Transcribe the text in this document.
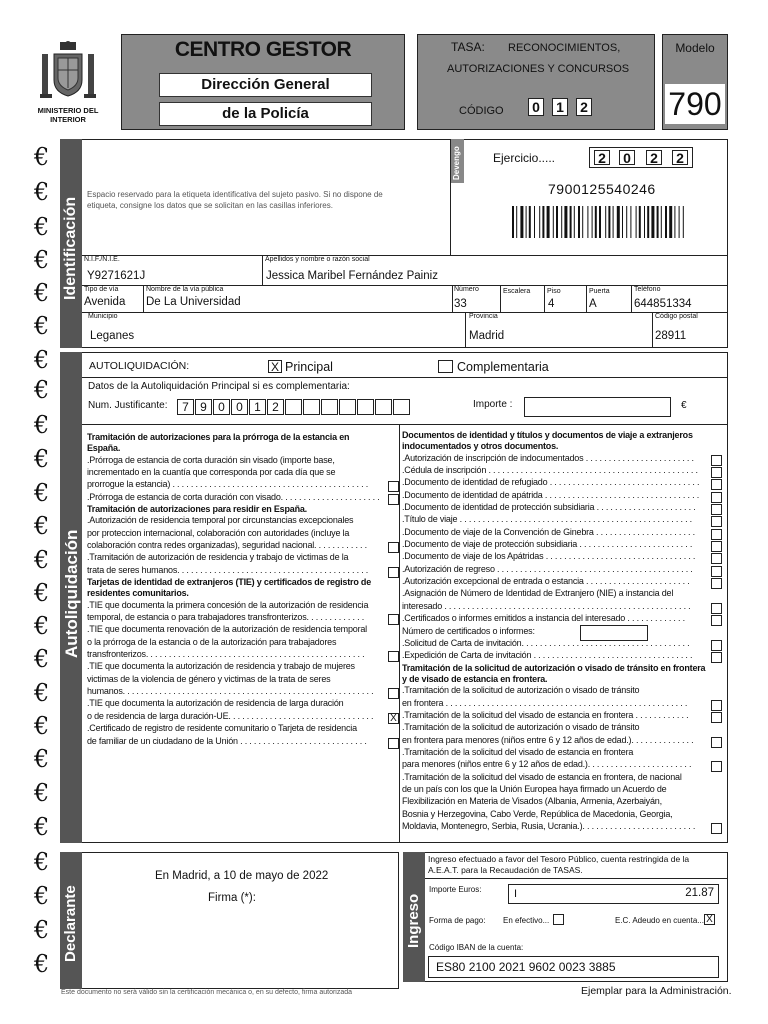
MINISTERIO DEL INTERIOR
CENTRO GESTOR
Dirección General
de la Policía
TASA: RECONOCIMIENTOS,
AUTORIZACIONES Y CONCURSOS
CÓDIGO 0 1 2
Modelo
790
€
€
€
€
€
€
€
€
€
€
€
€
€
€
€
€
€
€
€
€
€
€
€
€
€
Identificación
Devengo	Ejercicio.....	2 0 2 2
7900125540246
Espacio reservado para la etiqueta identificativa del sujeto pasivo. Si no dispone de
etiqueta, consigne los datos que se solicitan en las casillas inferiores.
N.I.F./N.I.E.
Y9271621J
Apellidos y nombre o razón social
Jessica Maribel Fernández Painiz
Tipo de vía
Avenida
Nombre de la vía pública
De La Universidad
Número
33
Escalera Piso
4
Puerta
A
Teléfono
644851334
Municipio
Leganes
Provincia
Madrid
Código postal
28911
Autoliquidación
AUTOLIQUIDACIÓN:	X Principal	Complementaria
Datos de la Autoliquidación Principal si es complementaria:
Num. Justificante:	7 9 0 0 1 2	Importe :	€
Tramitación de autorizaciones para la prórroga de la estancia en
España.
.Prórroga de estancia de corta duración sin visado (importe base,
incrementado en la cuantía que corresponda por cada día que se
prorrogue la estancia) . . . . . . . . . . . . . . . . . . . . . . . . . . . . . . . . . . . . . . . . . . .
.Prórroga de estancia de corta duración con visado. . . . . . . . . . . . . . . . . . . . . .
Tramitación de autorizaciones para residir en España.
.Autorización de residencia temporal por circunstancias excepcionales
por proteccion internacional, colaboración con autoridades (incluye la
colaboración contra redes organizadas), seguridad nacional. . . . . . . . . . . .
.Tramitación de autorización de residencia y trabajo de victimas de la
trata de seres humanos. . . . . . . . . . . . . . . . . . . . . . . . . . . . . . . . . . . . . . . . . .
Tarjetas de identidad de extranjeros (TIE) y certificados de registro de
residentes comunitarios.
.TIE que documenta la primera concesión de la autorización de residencia
temporal, de estancia o para trabajadores transfronterizos. . . . . . . . . . . . .
.TIE que documenta renovación de la autorización de residencia temporal
o la prórroga de la estancia o de la autorización para trabajadores
transfronterizos. . . . . . . . . . . . . . . . . . . . . . . . . . . . . . . . . . . . . . . . . . . . . . . .
.TIE que documenta la autorización de residencia y trabajo de mujeres
victimas de la violencia de género y victimas de la trata de seres
humanos. . . . . . . . . . . . . . . . . . . . . . . . . . . . . . . . . . . . . . . . . . . . . . . . . . . . . . .
.TIE que documenta la autorización de residencia de larga duración
o de residencia de larga duración-UE. . . . . . . . . . . . . . . . . . . . . . . . . . . . . . . . X
.Certificado de registro de residente comunitario o Tarjeta de residencia
de familiar de un ciudadano de la Unión . . . . . . . . . . . . . . . . . . . . . . . . . . . .
Documentos de identidad y títulos y documentos de viaje a extranjeros
indocumentados y otros documentos.
.Autorización de inscripción de indocumentados . . . . . . . . . . . . . . . . . . . . . . . .
.Cédula de inscripción . . . . . . . . . . . . . . . . . . . . . . . . . . . . . . . . . . . . . . . . . . . . . .
.Documento de identidad de refugiado . . . . . . . . . . . . . . . . . . . . . . . . . . . . . . . . .
.Documento de identidad de apátrida . . . . . . . . . . . . . . . . . . . . . . . . . . . . . . . . . .
.Documento de identidad de protección subsidiaria . . . . . . . . . . . . . . . . . . . . . .
.Título de viaje . . . . . . . . . . . . . . . . . . . . . . . . . . . . . . . . . . . . . . . . . . . . . . . . . . .
.Documento de viaje de la Convención de Ginebra . . . . . . . . . . . . . . . . . . . . . .
.Documento de viaje de protección subsidiaria . . . . . . . . . . . . . . . . . . . . . . . . .
.Documento de viaje de los Apátridas . . . . . . . . . . . . . . . . . . . . . . . . . . . . . . . . .
.Autorización de regreso . . . . . . . . . . . . . . . . . . . . . . . . . . . . . . . . . . . . . . . . . . .
.Autorización excepcional de entrada o estancia . . . . . . . . . . . . . . . . . . . . . . .
.Asignación de Número de Identidad de Extranjero (NIE) a instancia del
interesado . . . . . . . . . . . . . . . . . . . . . . . . . . . . . . . . . . . . . . . . . . . . . . . . . . . . . .
.Certificados o informes emitidos a instancia del interesado . . . . . . . . . . . . .
Número de certificados o informes:
.Solicitud de Carta de invitación. . . . . . . . . . . . . . . . . . . . . . . . . . . . . . . . . . . . .
.Expedición de Carta de invitación . . . . . . . . . . . . . . . . . . . . . . . . . . . . . . . . . . .
Tramitación de la solicitud de autorización o visado de tránsito en frontera
y de visado de estancia en frontera.
.Tramitación de la solicitud de autorización o visado de tránsito
en frontera . . . . . . . . . . . . . . . . . . . . . . . . . . . . . . . . . . . . . . . . . . . . . . . . . . . . .
.Tramitación de la solicitud del visado de estancia en frontera . . . . . . . . . . . .
.Tramitación de la solicitud de autorización o visado de tránsito
en frontera para menores (niños entre 6 y 12 años de edad.). . . . . . . . . . . . . .
.Tramitación de la solicitud del visado de estancia en frontera
para menores (niños entre 6 y 12 años de edad.). . . . . . . . . . . . . . . . . . . . . . .
.Tramitación de la solicitud del visado de estancia en frontera, de nacional
de un país con los que la Unión Europea haya firmado un Acuerdo de
Flexibilización en Materia de Visados (Albania, Armenia, Azerbaiyán,
Bosnia y Herzegovina, Cabo Verde, República de Macedonia, Georgia,
Moldavia, Montenegro, Serbia, Rusia, Ucrania.). . . . . . . . . . . . . . . . . . . . . . . . .
Declarante
En Madrid, a 10 de mayo de 2022
Firma (*):	Ingreso
Ingreso efectuado a favor del Tesoro Público, cuenta restringida de la
A.E.A.T. para la Recaudación de TASAS.
Importe Euros:	I	21.87
Forma de pago: En efectivo...	E.C. Adeudo en cuenta... X
Código IBAN de la cuenta:
ES80 2100 2021 9602 0023 3885
Este documento no será válido sin la certificación mecánica o, en su defecto, firma autorizada	Ejemplar para la Administración.
